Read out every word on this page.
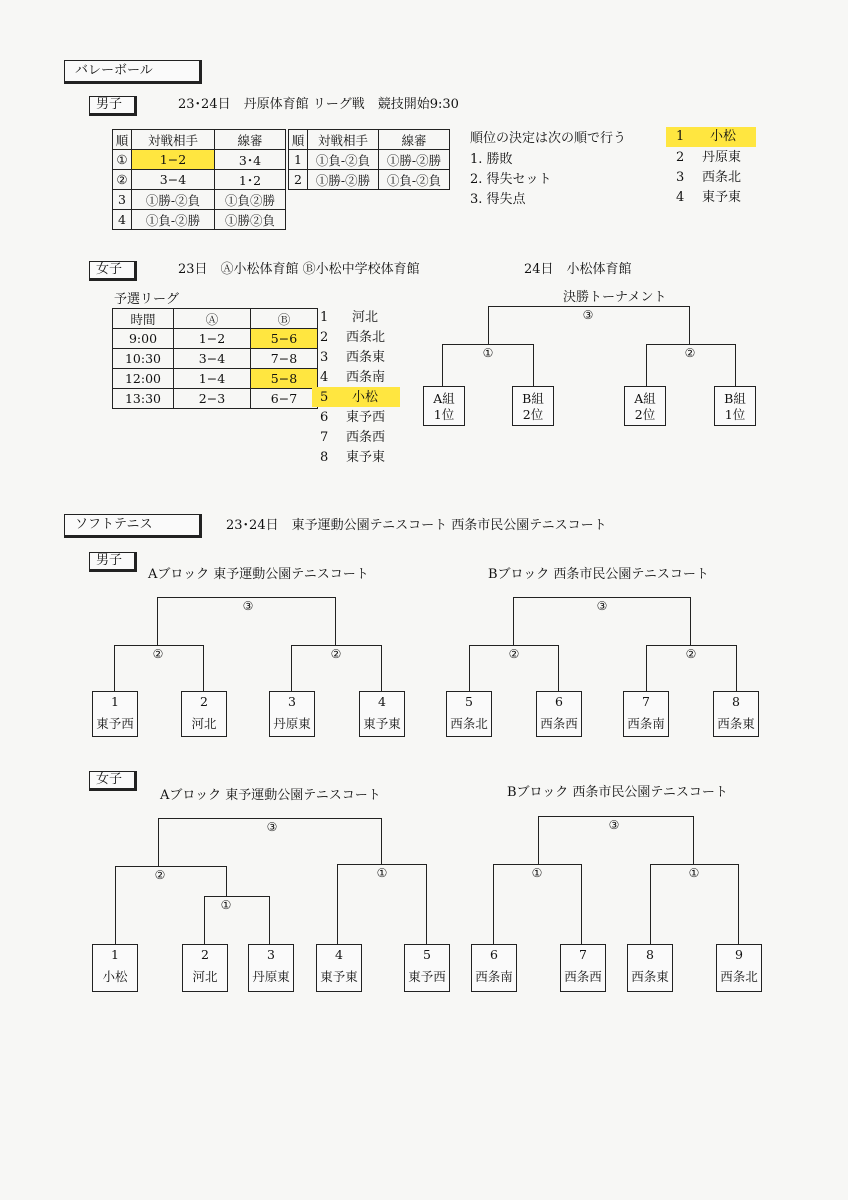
バレーボール
男子	23･24日　丹原体育館 リーグ戦　競技開始9:30
順	対戦相手	線審
①	1−2	3･4
②	3−4	1･2
3	①勝-②負	①負②勝
4	①負-②勝	①勝②負
順	対戦相手	線審
1	①負-②負	①勝-②勝
2	①勝-②勝	①負-②負
順位の決定は次の順で行う
1. 勝敗
2. 得失セット
3. 得失点
1 小松
2 丹原東
3 西条北
4 東予東
女子	23日　Ⓐ小松体育館 Ⓑ小松中学校体育館	24日　小松体育館
予選リーグ
時間	Ⓐ	Ⓑ
9:00	1−2	5−6
10:30	3−4	7−8
12:00	1−4	5−8
13:30	2−3	6−7
1 河北
2 西条北
3 西条東
4 西条南
5 小松
6 東予西
7 西条西
8 東予東
決勝トーナメント
③
①	②
A組
1位
B組
2位
A組
2位
B組
1位
ソフトテニス	23･24日　東予運動公園テニスコート 西条市民公園テニスコート
男子
Aブロック 東予運動公園テニスコート	Bブロック 西条市民公園テニスコート
③
②	②
③
②	②
1
東予西
2
河北
3
丹原東
4
東予東
5
西条北
6
西条西
7
西条南
8
西条東
女子
Aブロック 東予運動公園テニスコート	Bブロック 西条市民公園テニスコート
③
②
①
①
③
①	①
1
小松
2
河北
3
丹原東
4
東予東
5
東予西
6
西条南
7
西条西
8
西条東
9
西条北
